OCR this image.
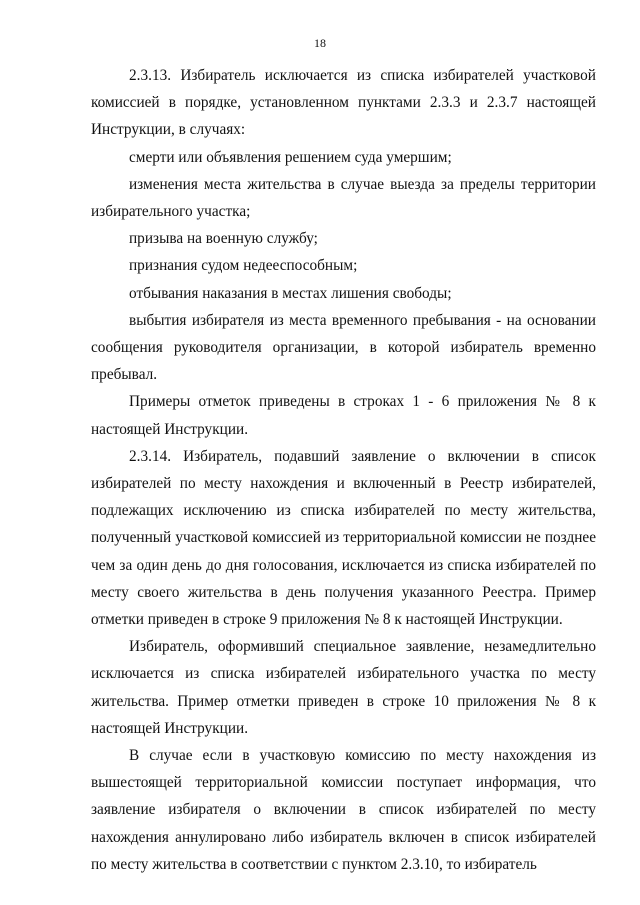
18

2.3.13. Избиратель исключается из списка избирателей участковой комиссией в порядке, установленном пунктами 2.3.3 и 2.3.7 настоящей Инструкции, в случаях:

смерти или объявления решением суда умершим;

изменения места жительства в случае выезда за пределы территории избирательного участка;

призыва на военную службу;

признания судом недееспособным;

отбывания наказания в местах лишения свободы;

выбытия избирателя из места временного пребывания - на основании сообщения руководителя организации, в которой избиратель временно пребывал.

Примеры отметок приведены в строках 1 - 6 приложения № 8 к настоящей Инструкции.

2.3.14. Избиратель, подавший заявление о включении в список избирателей по месту нахождения и включенный в Реестр избирателей, подлежащих исключению из списка избирателей по месту жительства, полученный участковой комиссией из территориальной комиссии не позднее чем за один день до дня голосования, исключается из списка избирателей по месту своего жительства в день получения указанного Реестра. Пример отметки приведен в строке 9 приложения № 8 к настоящей Инструкции.

Избиратель, оформивший специальное заявление, незамедлительно исключается из списка избирателей избирательного участка по месту жительства. Пример отметки приведен в строке 10 приложения № 8 к настоящей Инструкции.

В случае если в участковую комиссию по месту нахождения из вышестоящей территориальной комиссии поступает информация, что заявление избирателя о включении в список избирателей по месту нахождения аннулировано либо избиратель включен в список избирателей по месту жительства в соответствии с пунктом 2.3.10, то избиратель
